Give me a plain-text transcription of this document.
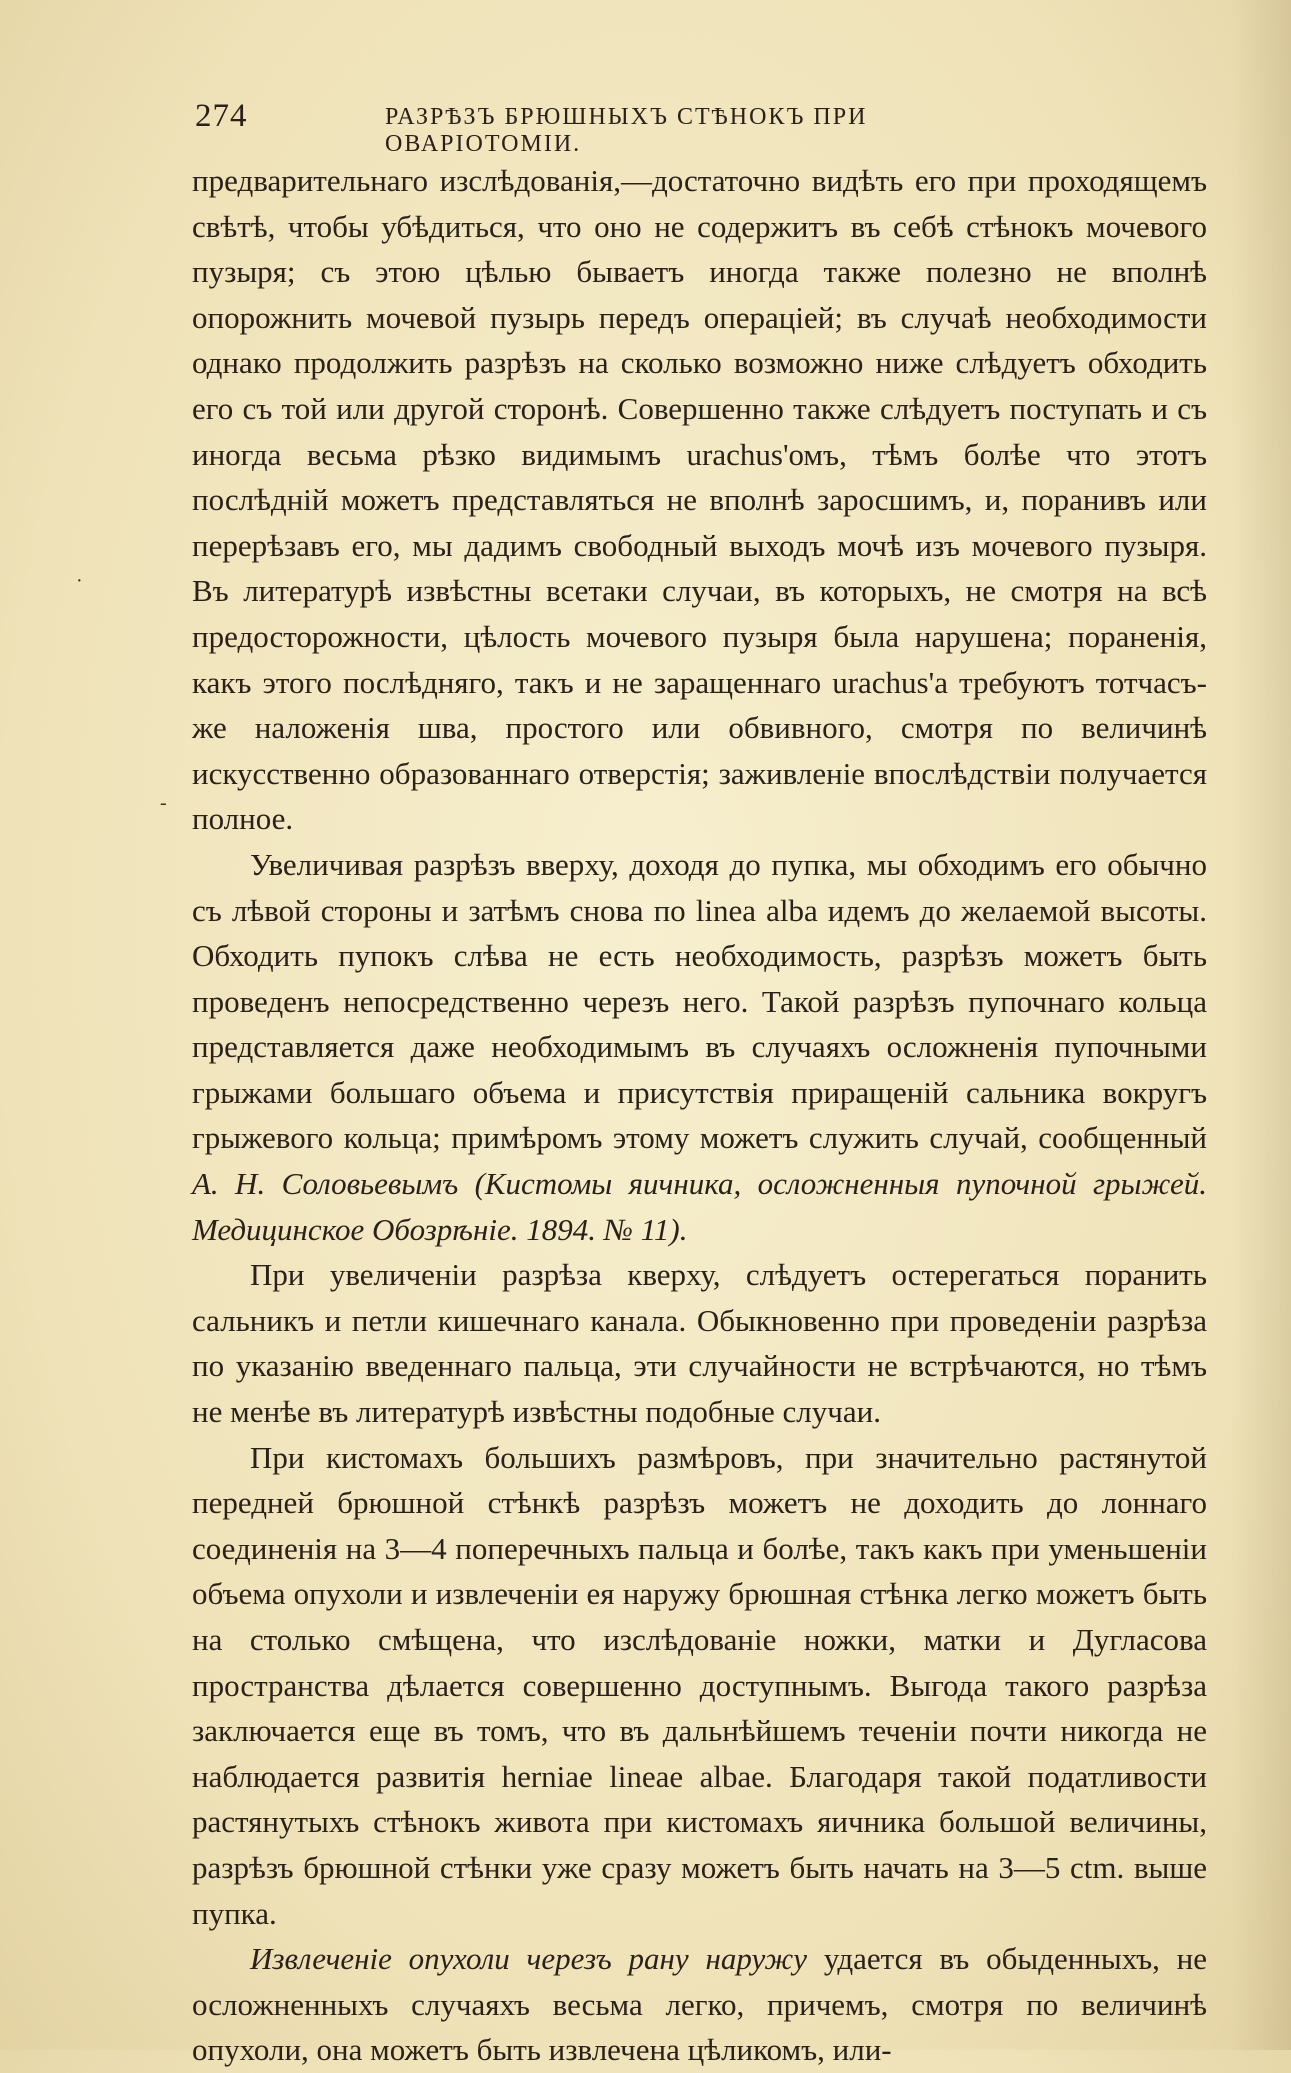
274	РАЗРѢЗЪ БРЮШНЫХЪ СТѢНОКЪ ПРИ ОВАРІОТОМІИ.
·
-

предварительнаго изслѣдованія,—достаточно видѣть его при проходящемъ свѣтѣ, чтобы убѣдиться, что оно не содержитъ въ себѣ стѣнокъ мочевого пузыря; съ этою цѣлью бываетъ иногда также полезно не вполнѣ опорожнить мочевой пузырь передъ операціей; въ случаѣ необходимости однако продолжить разрѣзъ на сколько возможно ниже слѣдуетъ обходить его съ той или другой сторонѣ. Совершенно также слѣдуетъ поступать и съ иногда весьма рѣзко видимымъ urachus'омъ, тѣмъ болѣе что этотъ послѣдній можетъ представляться не вполнѣ заросшимъ, и, поранивъ или перерѣзавъ его, мы дадимъ свободный выходъ мочѣ изъ мочевого пузыря. Въ литературѣ извѣстны всетаки случаи, въ которыхъ, не смотря на всѣ предосторожности, цѣлость мочевого пузыря была нарушена; пораненія, какъ этого послѣдняго, такъ и не заращеннаго urachus'a требуютъ тотчасъ-же наложенія шва, простого или обвивного, смотря по величинѣ искусственно образованнаго отверстія; заживленіе впослѣдствіи получается полное.

Увеличивая разрѣзъ вверху, доходя до пупка, мы обходимъ его обычно съ лѣвой стороны и затѣмъ снова по linea alba идемъ до желаемой высоты. Обходить пупокъ слѣва не есть необходимость, разрѣзъ можетъ быть проведенъ непосредственно черезъ него. Такой разрѣзъ пупочнаго кольца представляется даже необходимымъ въ случаяхъ осложненія пупочными грыжами большаго объема и присутствія приращеній сальника вокругъ грыжевого кольца; примѣромъ этому можетъ служить случай, сообщенный А. Н. Соловьевымъ (Кистомы яичника, осложненныя пупочной грыжей. Медицинское Обозрѣніе. 1894. № 11).

При увеличеніи разрѣза кверху, слѣдуетъ остерегаться поранить сальникъ и петли кишечнаго канала. Обыкновенно при проведеніи разрѣза по указанію введеннаго пальца, эти случайности не встрѣчаются, но тѣмъ не менѣе въ литературѣ извѣстны подобные случаи.

При кистомахъ большихъ размѣровъ, при значительно растянутой передней брюшной стѣнкѣ разрѣзъ можетъ не доходить до лоннаго соединенія на 3—4 поперечныхъ пальца и болѣе, такъ какъ при уменьшеніи объема опухоли и извлеченіи ея наружу брюшная стѣнка легко можетъ быть на столько смѣщена, что изслѣдованіе ножки, матки и Дугласова пространства дѣлается совершенно доступнымъ. Выгода такого разрѣза заключается еще въ томъ, что въ дальнѣйшемъ теченіи почти никогда не наблюдается развитія herniae lineae albae. Благодаря такой податливости растянутыхъ стѣнокъ живота при кистомахъ яичника большой величины, разрѣзъ брюшной стѣнки уже сразу можетъ быть начать на 3—5 ctm. выше пупка.

Извлеченіе опухоли черезъ рану наружу удается въ обыденныхъ, не осложненныхъ случаяхъ весьма легко, причемъ, смотря по величинѣ опухоли, она можетъ быть извлечена цѣликомъ, или-
